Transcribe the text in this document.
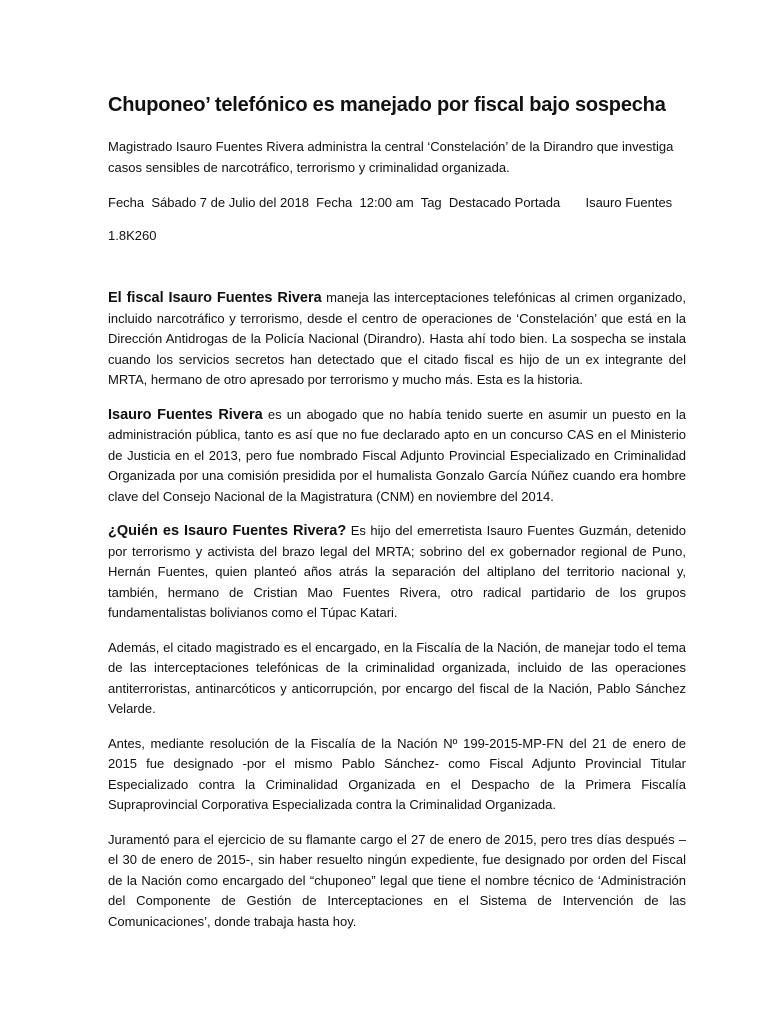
Chuponeo’ telefónico es manejado por fiscal bajo sospecha

Magistrado Isauro Fuentes Rivera administra la central ‘Constelación’ de la Dirandro que investiga casos sensibles de narcotráfico, terrorismo y criminalidad organizada.

Fecha  Sábado 7 de Julio del 2018  Fecha  12:00 am  Tag  Destacado Portada       Isauro Fuentes

1.8K260

El fiscal Isauro Fuentes Rivera maneja las interceptaciones telefónicas al crimen organizado, incluido narcotráfico y terrorismo, desde el centro de operaciones de ‘Constelación’ que está en la Dirección Antidrogas de la Policía Nacional (Dirandro). Hasta ahí todo bien. La sospecha se instala cuando los servicios secretos han detectado que el citado fiscal es hijo de un ex integrante del MRTA, hermano de otro apresado por terrorismo y mucho más. Esta es la historia.

Isauro Fuentes Rivera es un abogado que no había tenido suerte en asumir un puesto en la administración pública, tanto es así que no fue declarado apto en un concurso CAS en el Ministerio de Justicia en el 2013, pero fue nombrado Fiscal Adjunto Provincial Especializado en Criminalidad Organizada por una comisión presidida por el humalista Gonzalo García Núñez cuando era hombre clave del Consejo Nacional de la Magistratura (CNM) en noviembre del 2014.

¿Quién es Isauro Fuentes Rivera? Es hijo del emerretista Isauro Fuentes Guzmán, detenido por terrorismo y activista del brazo legal del MRTA; sobrino del ex gobernador regional de Puno, Hernán Fuentes, quien planteó años atrás la separación del altiplano del territorio nacional y, también, hermano de Cristian Mao Fuentes Rivera, otro radical partidario de los grupos fundamentalistas bolivianos como el Túpac Katari.

Además, el citado magistrado es el encargado, en la Fiscalía de la Nación, de manejar todo el tema de las interceptaciones telefónicas de la criminalidad organizada, incluido de las operaciones antiterroristas, antinarcóticos y anticorrupción, por encargo del fiscal de la Nación, Pablo Sánchez Velarde.

Antes, mediante resolución de la Fiscalía de la Nación Nº 199-2015-MP-FN del 21 de enero de 2015 fue designado -por el mismo Pablo Sánchez- como Fiscal Adjunto Provincial Titular Especializado contra la Criminalidad Organizada en el Despacho de la Primera Fiscalía Supraprovincial Corporativa Especializada contra la Criminalidad Organizada.

Juramentó para el ejercicio de su flamante cargo el 27 de enero de 2015, pero tres días después – el 30 de enero de 2015-, sin haber resuelto ningún expediente, fue designado por orden del Fiscal de la Nación como encargado del “chuponeo” legal que tiene el nombre técnico de ‘Administración del Componente de Gestión de Interceptaciones en el Sistema de Intervención de las Comunicaciones’, donde trabaja hasta hoy.
